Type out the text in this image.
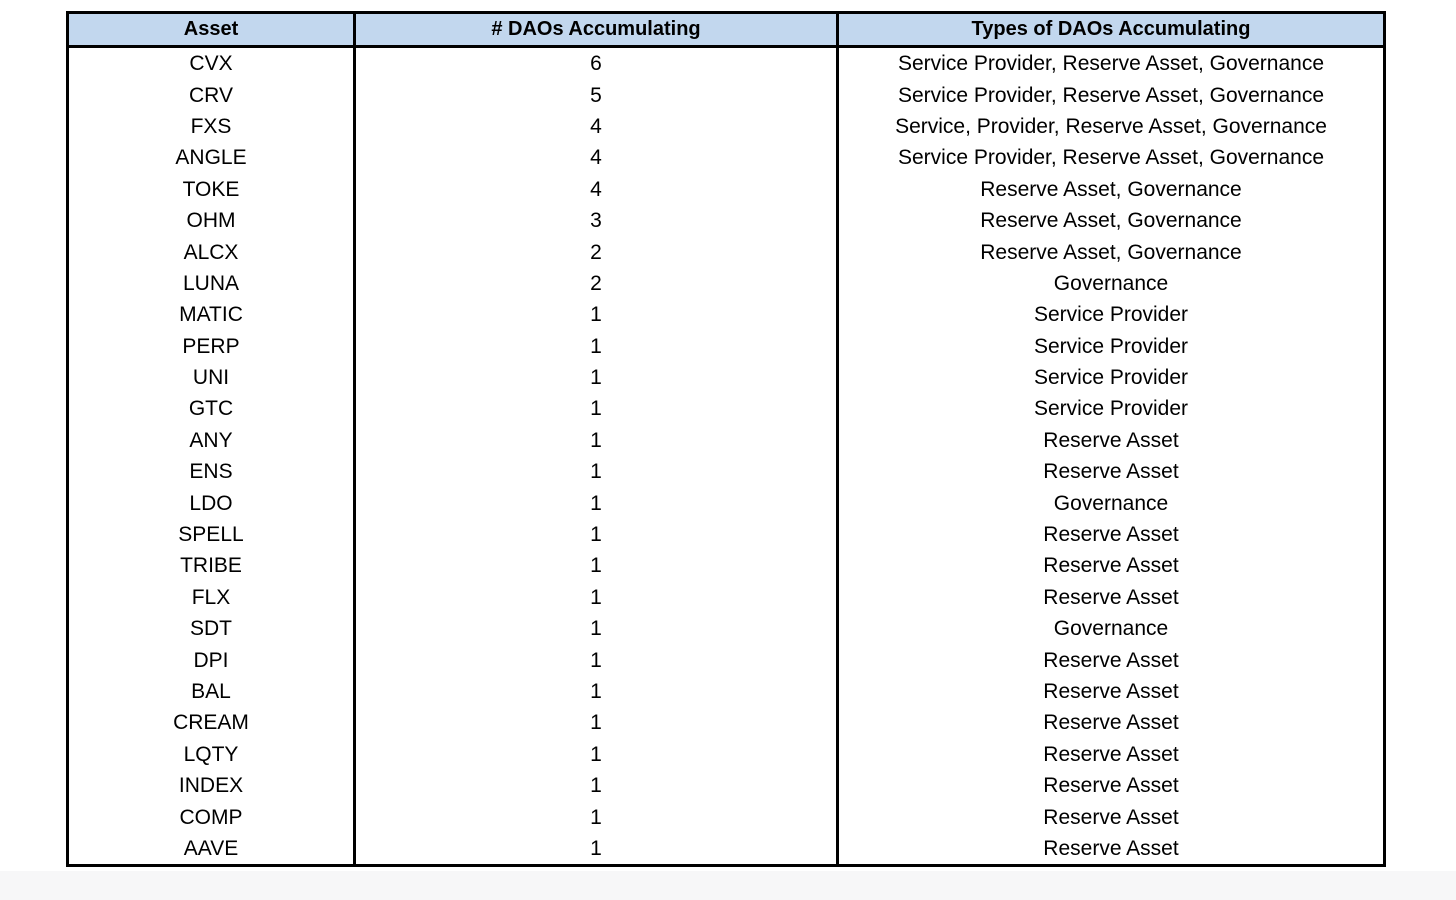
Asset	# DAOs Accumulating	Types of DAOs Accumulating
CVX	6	Service Provider, Reserve Asset, Governance
CRV	5	Service Provider, Reserve Asset, Governance
FXS	4	Service, Provider, Reserve Asset, Governance
ANGLE	4	Service Provider, Reserve Asset, Governance
TOKE	4	Reserve Asset, Governance
OHM	3	Reserve Asset, Governance
ALCX	2	Reserve Asset, Governance
LUNA	2	Governance
MATIC	1	Service Provider
PERP	1	Service Provider
UNI	1	Service Provider
GTC	1	Service Provider
ANY	1	Reserve Asset
ENS	1	Reserve Asset
LDO	1	Governance
SPELL	1	Reserve Asset
TRIBE	1	Reserve Asset
FLX	1	Reserve Asset
SDT	1	Governance
DPI	1	Reserve Asset
BAL	1	Reserve Asset
CREAM	1	Reserve Asset
LQTY	1	Reserve Asset
INDEX	1	Reserve Asset
COMP	1	Reserve Asset
AAVE	1	Reserve Asset
